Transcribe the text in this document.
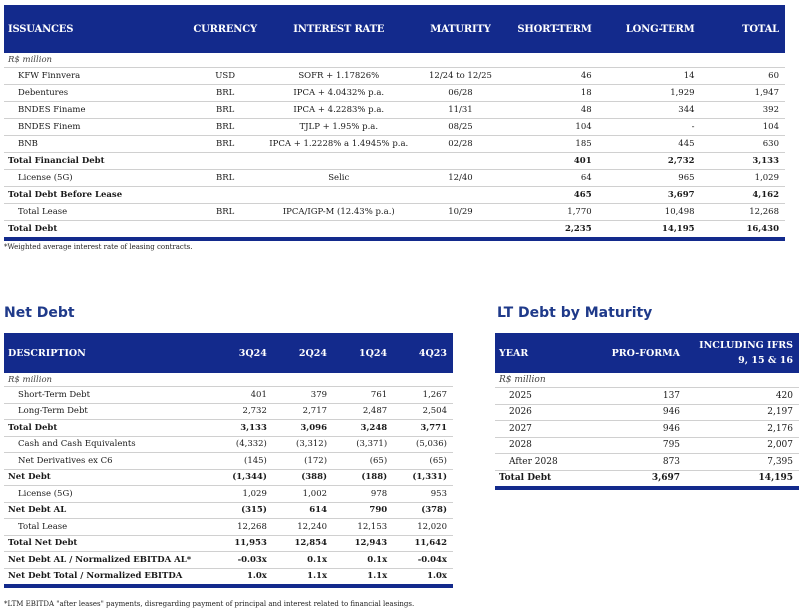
ISSUANCES	CURRENCY	INTEREST RATE	MATURITY	SHORT-TERM	LONG-TERM	TOTAL
R$ million						
KFW Finnvera	USD	SOFR + 1.17826%	12/24 to 12/25	46	14	60
Debentures	BRL	IPCA + 4.0432% p.a.	06/28	18	1,929	1,947
BNDES Finame	BRL	IPCA + 4.2283% p.a.	11/31	48	344	392
BNDES Finem	BRL	TJLP + 1.95% p.a.	08/25	104	-	104
BNB	BRL	IPCA + 1.2228% a 1.4945% p.a.	02/28	185	445	630
Total Financial Debt				401	2,732	3,133
License (5G)	BRL	Selic	12/40	64	965	1,029
Total Debt Before Lease				465	3,697	4,162
Total Lease	BRL	IPCA/IGP-M (12.43% p.a.)	10/29	1,770	10,498	12,268
Total Debt				2,235	14,195	16,430
*Weighted average interest rate of leasing contracts.
Net Debt
DESCRIPTION	3Q24	2Q24	1Q24	4Q23
R$ million				
Short-Term Debt	401	379	761	1,267
Long-Term Debt	2,732	2,717	2,487	2,504
Total Debt	3,133	3,096	3,248	3,771
Cash and Cash Equivalents	(4,332)	(3,312)	(3,371)	(5,036)
Net Derivatives ex C6	(145)	(172)	(65)	(65)
Net Debt	(1,344)	(388)	(188)	(1,331)
License (5G)	1,029	1,002	978	953
Net Debt AL	(315)	614	790	(378)
Total Lease	12,268	12,240	12,153	12,020
Total Net Debt	11,953	12,854	12,943	11,642
Net Debt AL / Normalized EBITDA AL*	-0.03x	0.1x	0.1x	-0.04x
Net Debt Total / Normalized EBITDA	1.0x	1.1x	1.1x	1.0x
*LTM EBITDA "after leases" payments, disregarding payment of principal and interest related to financial leasings.
LT Debt by Maturity
YEAR	PRO-FORMA	INCLUDING IFRS 9, 15 & 16
R$ million		
2025	137	420
2026	946	2,197
2027	946	2,176
2028	795	2,007
After 2028	873	7,395
Total Debt	3,697	14,195
